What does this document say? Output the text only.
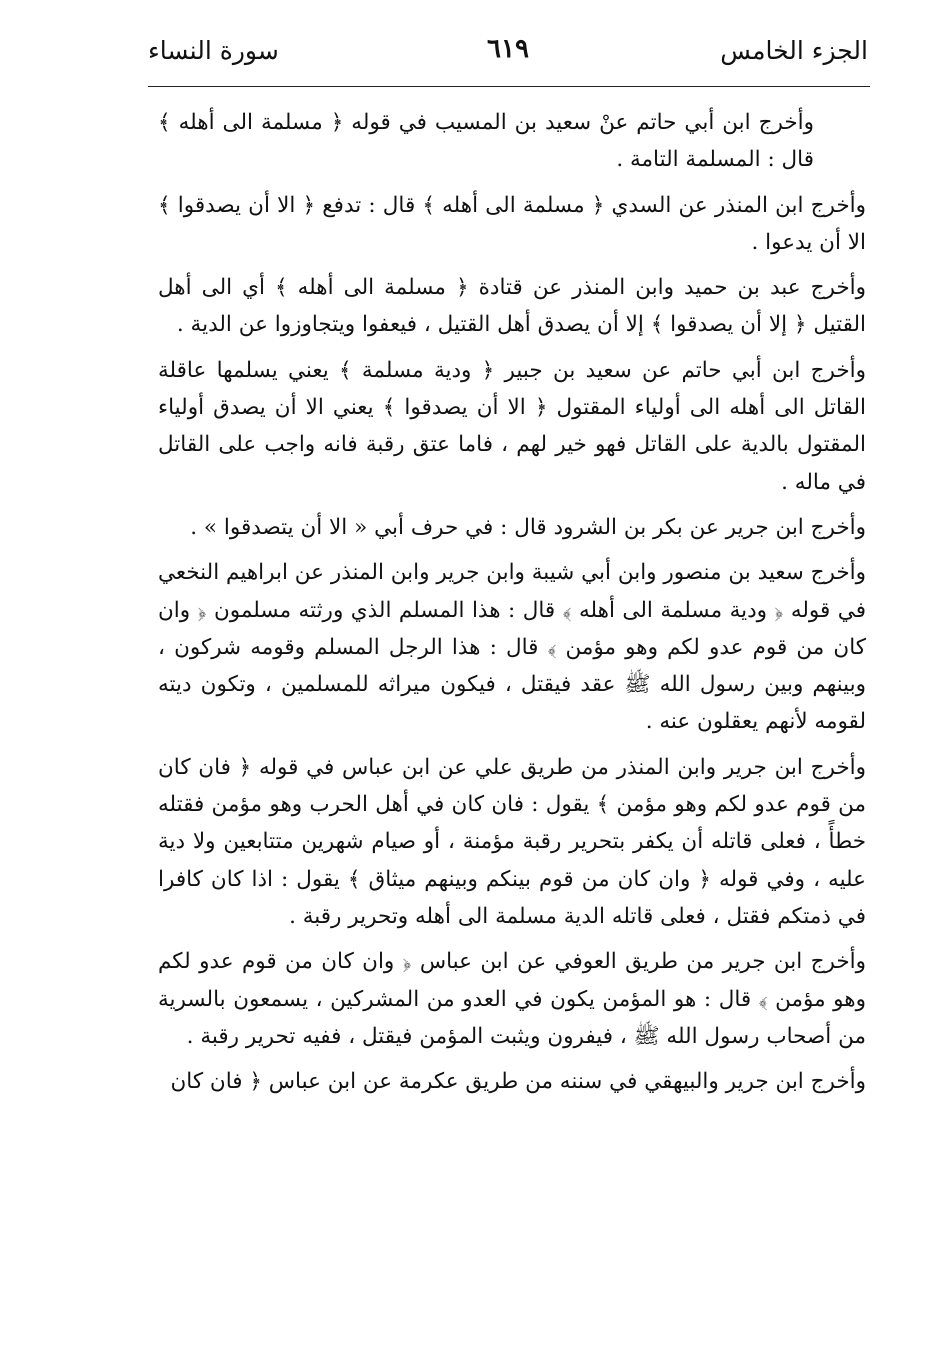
الجزء الخامس
٦١٩
سورة النساء

وأخرج ابن أبي حاتم عنْ سعيد بن المسيب في قوله ﴿ مسلمة الى أهله ﴾ قال : المسلمة التامة .

وأخرج ابن المنذر عن السدي ﴿ مسلمة الى أهله ﴾ قال : تدفع ﴿ الا أن يصدقوا ﴾ الا أن يدعوا .

وأخرج عبد بن حميد وابن المنذر عن قتادة ﴿ مسلمة الى أهله ﴾ أي الى أهل القتيل ﴿ إلا أن يصدقوا ﴾ إلا أن يصدق أهل القتيل ، فيعفوا ويتجاوزوا عن الدية .

وأخرج ابن أبي حاتم عن سعيد بن جبير ﴿ ودية مسلمة ﴾ يعني يسلمها عاقلة القاتل الى أهله الى أولياء المقتول ﴿ الا أن يصدقوا ﴾ يعني الا أن يصدق أولياء المقتول بالدية على القاتل فهو خير لهم ، فاما عتق رقبة فانه واجب على القاتل في ماله .

وأخرج ابن جرير عن بكر بن الشرود قال : في حرف أبي « الا أن يتصدقوا » .

وأخرج سعيد بن منصور وابن أبي شيبة وابن جرير وابن المنذر عن ابراهيم النخعي في قوله ﴿ ودية مسلمة الى أهله ﴾ قال : هذا المسلم الذي ورثته مسلمون ﴿ وان كان من قوم عدو لكم وهو مؤمن ﴾ قال : هذا الرجل المسلم وقومه شركون ، وبينهم وبين رسول الله ﷺ عقد فيقتل ، فيكون ميراثه للمسلمين ، وتكون ديته لقومه لأنهم يعقلون عنه .

وأخرج ابن جرير وابن المنذر من طريق علي عن ابن عباس في قوله ﴿ فان كان من قوم عدو لكم وهو مؤمن ﴾ يقول : فان كان في أهل الحرب وهو مؤمن فقتله خطأً ، فعلى قاتله أن يكفر بتحرير رقبة مؤمنة ، أو صيام شهرين متتابعين ولا دية عليه ، وفي قوله ﴿ وان كان من قوم بينكم وبينهم ميثاق ﴾ يقول : اذا كان كافرا في ذمتكم فقتل ، فعلى قاتله الدية مسلمة الى أهله وتحرير رقبة .

وأخرج ابن جرير من طريق العوفي عن ابن عباس ﴿ وان كان من قوم عدو لكم وهو مؤمن ﴾ قال : هو المؤمن يكون في العدو من المشركين ، يسمعون بالسرية من أصحاب رسول الله ﷺ ، فيفرون ويثبت المؤمن فيقتل ، ففيه تحرير رقبة .

وأخرج ابن جرير والبيهقي في سننه من طريق عكرمة عن ابن عباس ﴿ فان كان
